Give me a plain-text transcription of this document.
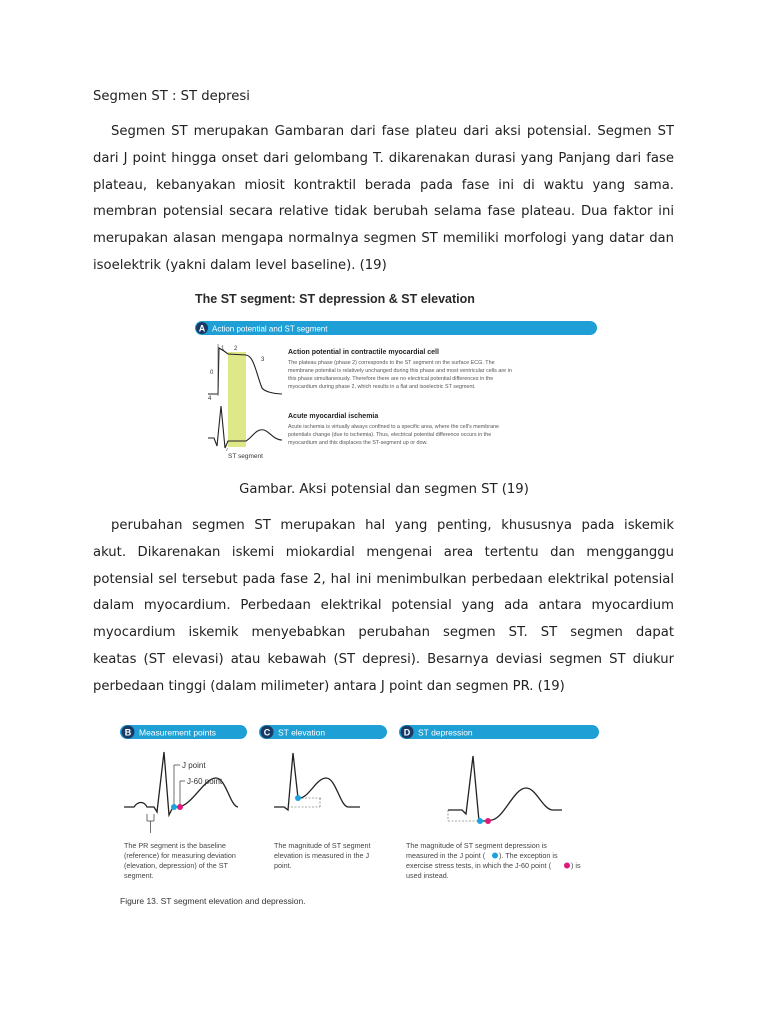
Segmen ST : ST depresi

Segmen ST merupakan Gambaran dari fase plateu dari aksi potensial. Segmen ST
dari J point hingga onset dari gelombang T. dikarenakan durasi yang Panjang dari fase
plateau, kebanyakan miosit kontraktil berada pada fase ini di waktu yang sama.
membran potensial secara relative tidak berubah selama fase plateau. Dua faktor ini
merupakan alasan mengapa normalnya segmen ST memiliki morfologi yang datar dan
isoelektrik (yakni dalam level baseline). (19)

The ST segment: ST depression & ST elevation
A Action potential and ST segment
1 2
3
0
4
ST segment
Action potential in contractile myocardial cell
The plateau phase (phase 2) corresponds to the ST segment on the surface ECG. The
membrane potential is relatively unchanged during this phase and most ventricular cells are in
this phase simultaneously. Therefore there are no electrical potential differences in the
myocardium during phase 2, which results in a flat and isoelectric ST segment.
Acute myocardial ischemia
Acute ischemia is virtually always confined to a specific area, where the cell's membrane
potentials change (due to ischemia). Thus, electrical potential difference occurs in the
myocardium and this displaces the ST-segment up or dow.
Gambar. Aksi potensial dan segmen ST (19)

perubahan segmen ST merupakan hal yang penting, khususnya pada iskemik
akut. Dikarenakan iskemi miokardial mengenai area tertentu dan mengganggu
potensial sel tersebut pada fase 2, hal ini menimbulkan perbedaan elektrikal potensial
dalam myocardium. Perbedaan elektrikal potensial yang ada antara myocardium
myocardium iskemik menyebabkan perubahan segmen ST. ST segmen dapat
keatas (ST elevasi) atau kebawah (ST depresi). Besarnya deviasi segmen ST diukur
perbedaan tinggi (dalam milimeter) antara J point dan segmen PR. (19)

B Measurement points
J point
J-60 point
The PR segment is the baseline
(reference) for measuring deviation
(elevation, depression) of the ST
segment.
C ST elevation
The magnitude of ST segment
elevation is measured in the J
point.
D ST depression
The magnitude of ST segment depression is
measured in the J point ( ). The exception is
exercise stress tests, in which the J-60 point (	) is
used instead.
Figure 13. ST segment elevation and depression.
